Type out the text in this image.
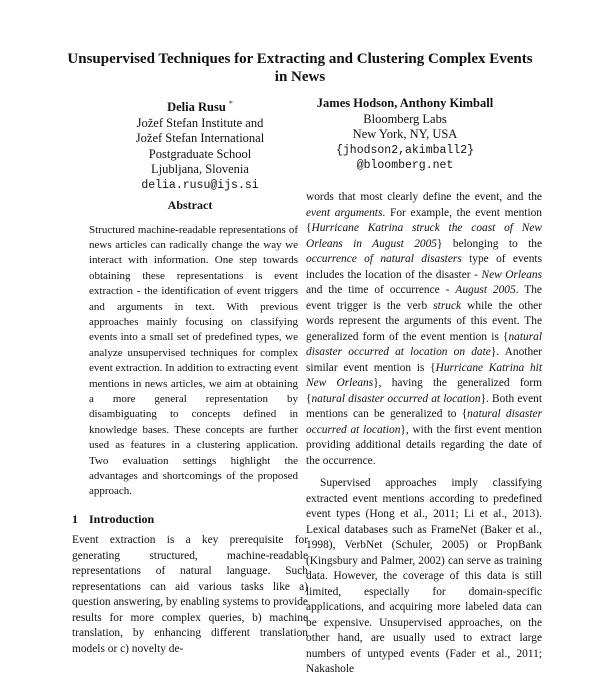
Unsupervised Techniques for Extracting and Clustering Complex Events in News
Delia Rusu *
Jožef Stefan Institute and
Jožef Stefan International
Postgraduate School
Ljubljana, Slovenia
delia.rusu@ijs.si
James Hodson, Anthony Kimball
Bloomberg Labs
New York, NY, USA
{jhodson2,akimball2}
@bloomberg.net
Abstract

Structured machine-readable representations of news articles can radically change the way we interact with information. One step towards obtaining these representations is event extraction - the identification of event triggers and arguments in text. With previous approaches mainly focusing on classifying events into a small set of predefined types, we analyze unsupervised techniques for complex event extraction. In addition to extracting event mentions in news articles, we aim at obtaining a more general representation by disambiguating to concepts defined in knowledge bases. These concepts are further used as features in a clustering application. Two evaluation settings highlight the advantages and shortcomings of the proposed approach.

1 Introduction

Event extraction is a key prerequisite for generating structured, machine-readable representations of natural language. Such representations can aid various tasks like a) question answering, by enabling systems to provide results for more complex queries, b) machine translation, by enhancing different translation models or c) novelty de-

words that most clearly define the event, and the event arguments. For example, the event mention {Hurricane Katrina struck the coast of New Orleans in August 2005} belonging to the occurrence of natural disasters type of events includes the location of the disaster - New Orleans and the time of occurrence - August 2005. The event trigger is the verb struck while the other words represent the arguments of this event. The generalized form of the event mention is {natural disaster occurred at location on date}. Another similar event mention is {Hurricane Katrina hit New Orleans}, having the generalized form {natural disaster occurred at location}. Both event mentions can be generalized to {natural disaster occurred at location}, with the first event mention providing additional details regarding the date of the occurrence.

Supervised approaches imply classifying extracted event mentions according to predefined event types (Hong et al., 2011; Li et al., 2013). Lexical databases such as FrameNet (Baker et al., 1998), VerbNet (Schuler, 2005) or PropBank (Kingsbury and Palmer, 2002) can serve as training data. However, the coverage of this data is still limited, especially for domain-specific applications, and acquiring more labeled data can be expensive. Unsupervised approaches, on the other hand, are usually used to extract large numbers of untyped events (Fader et al., 2011; Nakashole
